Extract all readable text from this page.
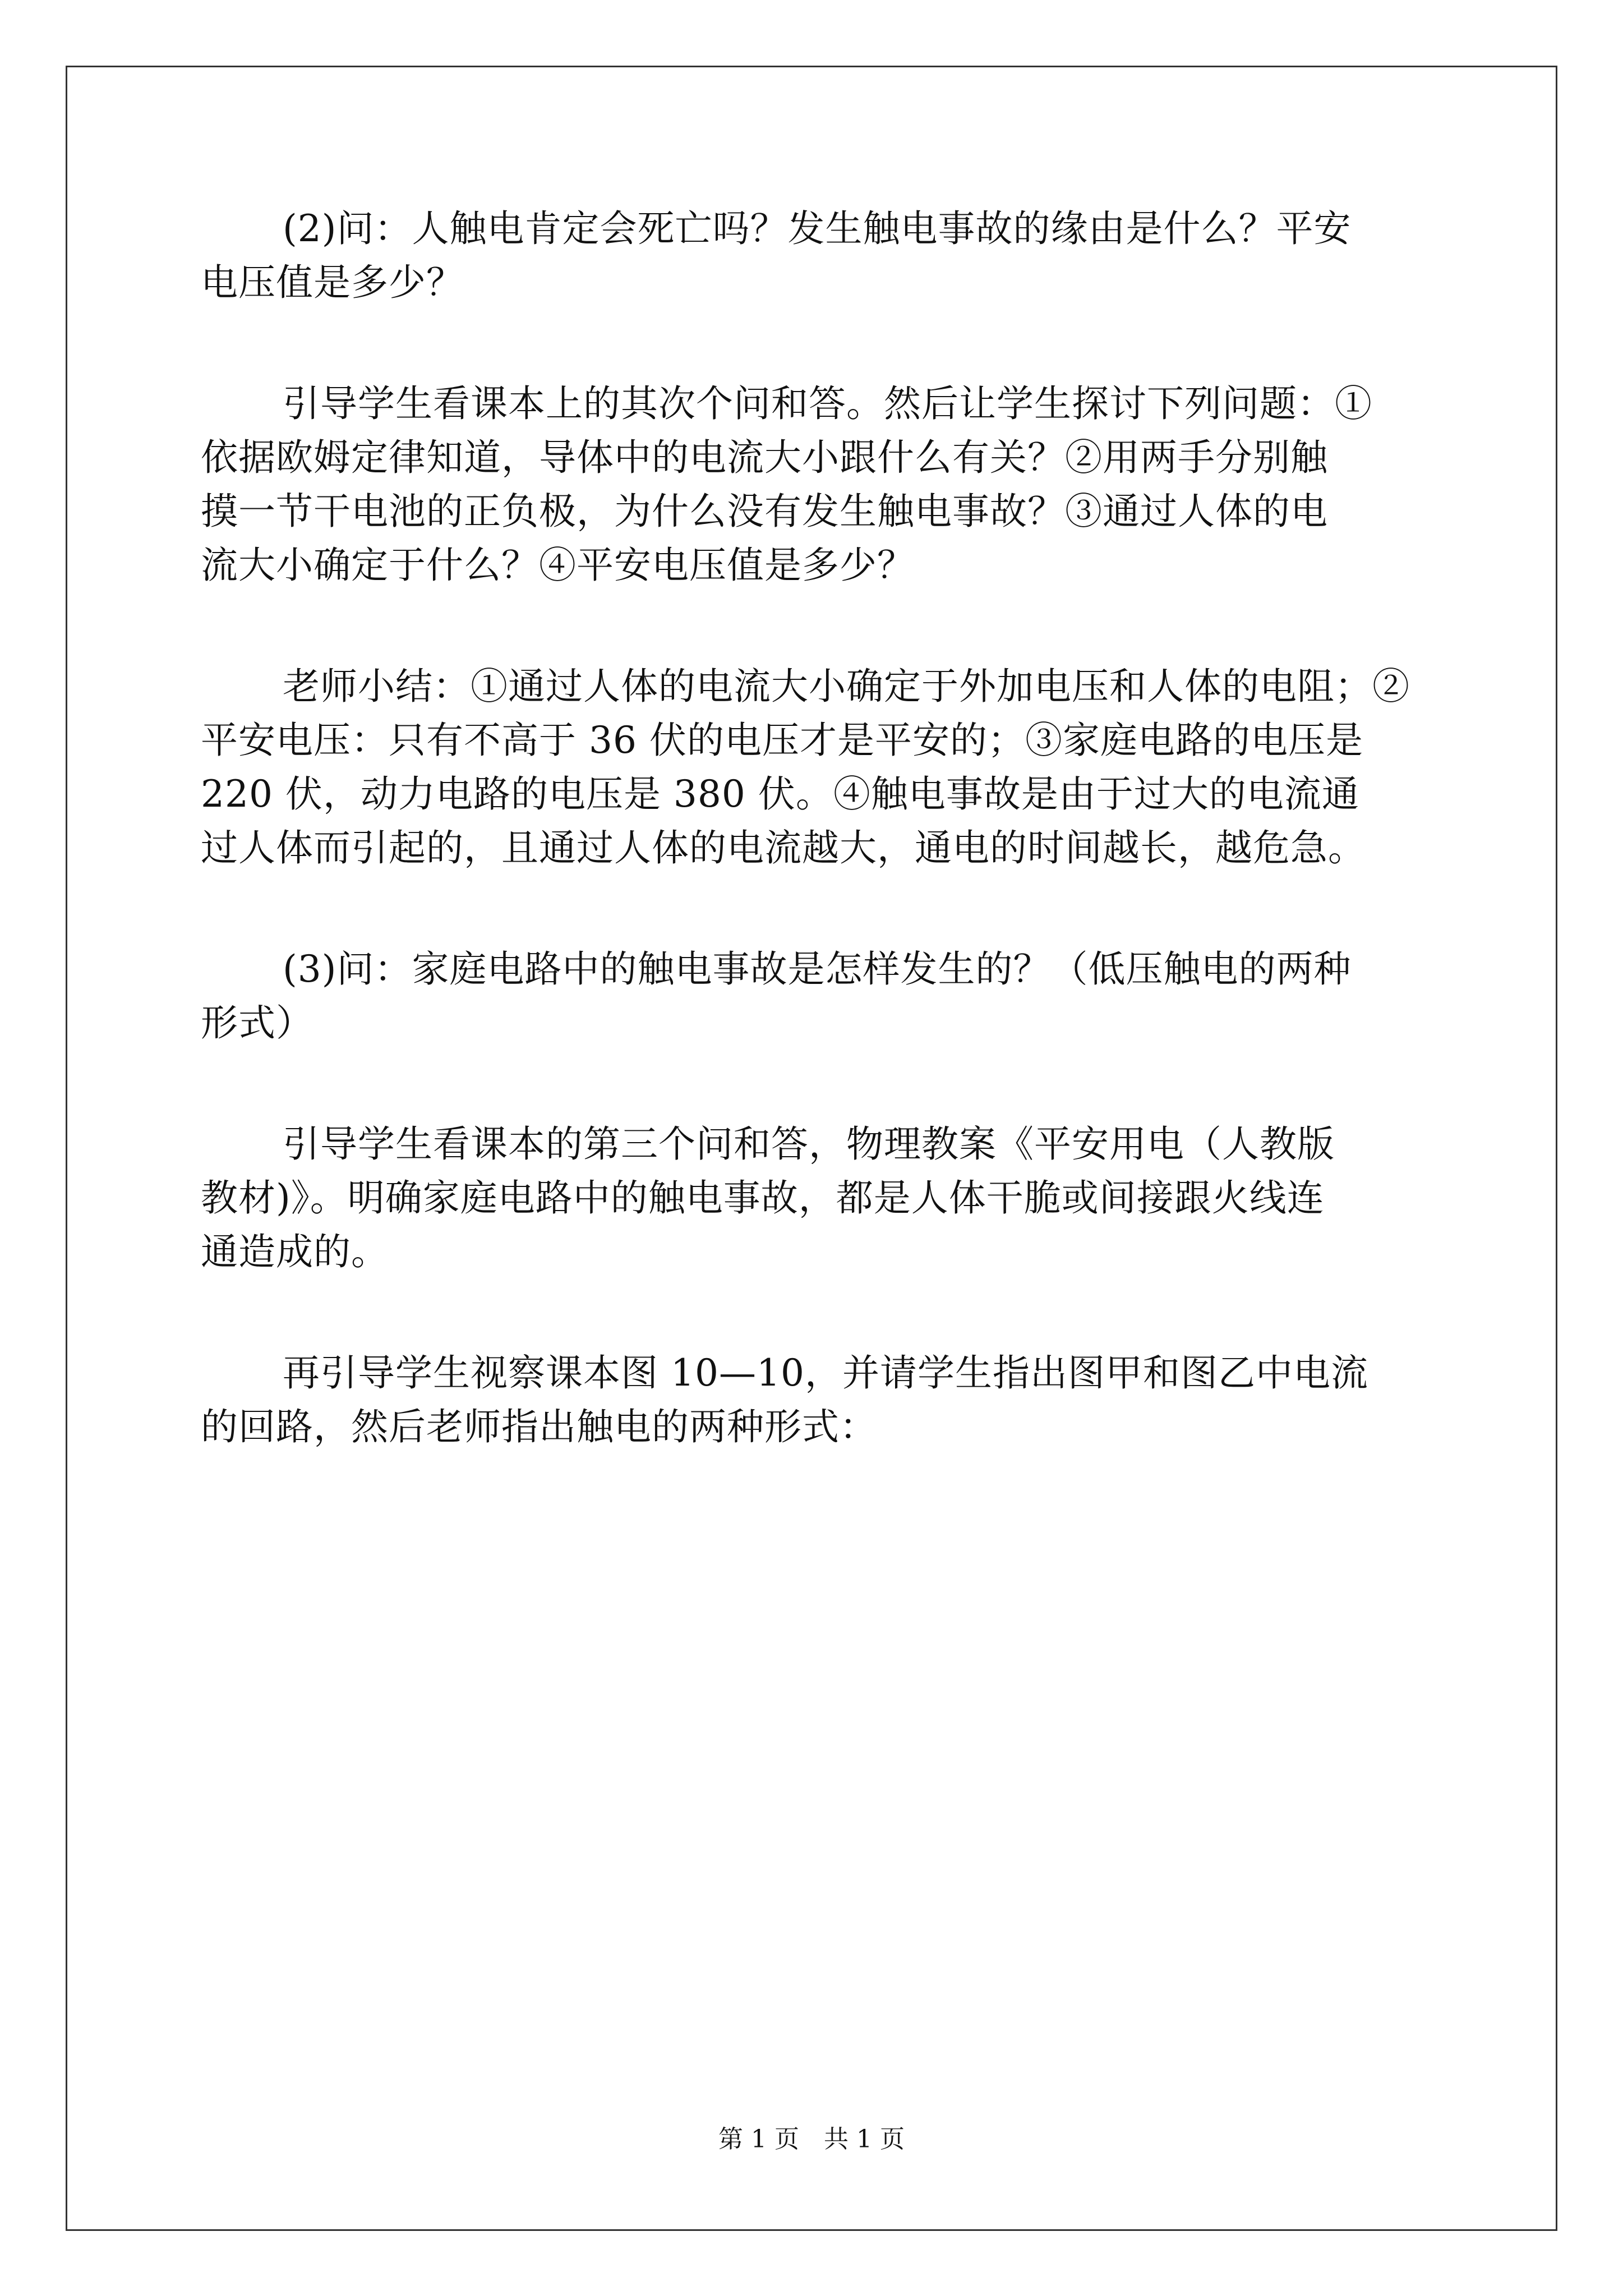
(2)问：人触电肯定会死亡吗？发生触电事故的缘由是什么？平安
电压值是多少？
引导学生看课本上的其次个问和答。然后让学生探讨下列问题：①
依据欧姆定律知道，导体中的电流大小跟什么有关？②用两手分别触
摸一节干电池的正负极，为什么没有发生触电事故？③通过人体的电
流大小确定于什么？④平安电压值是多少？
老师小结：①通过人体的电流大小确定于外加电压和人体的电阻；②
平安电压：只有不高于 36 伏的电压才是平安的；③家庭电路的电压是
220 伏，动力电路的电压是 380 伏。④触电事故是由于过大的电流通
过人体而引起的，且通过人体的电流越大，通电的时间越长，越危急。
(3)问：家庭电路中的触电事故是怎样发生的？（低压触电的两种
形式）
引导学生看课本的第三个问和答，物理教案《平安用电（人教版
教材)》。明确家庭电路中的触电事故，都是人体干脆或间接跟火线连
通造成的。
再引导学生视察课本图 10—10，并请学生指出图甲和图乙中电流
的回路，然后老师指出触电的两种形式：
第 1 页　共 1 页
